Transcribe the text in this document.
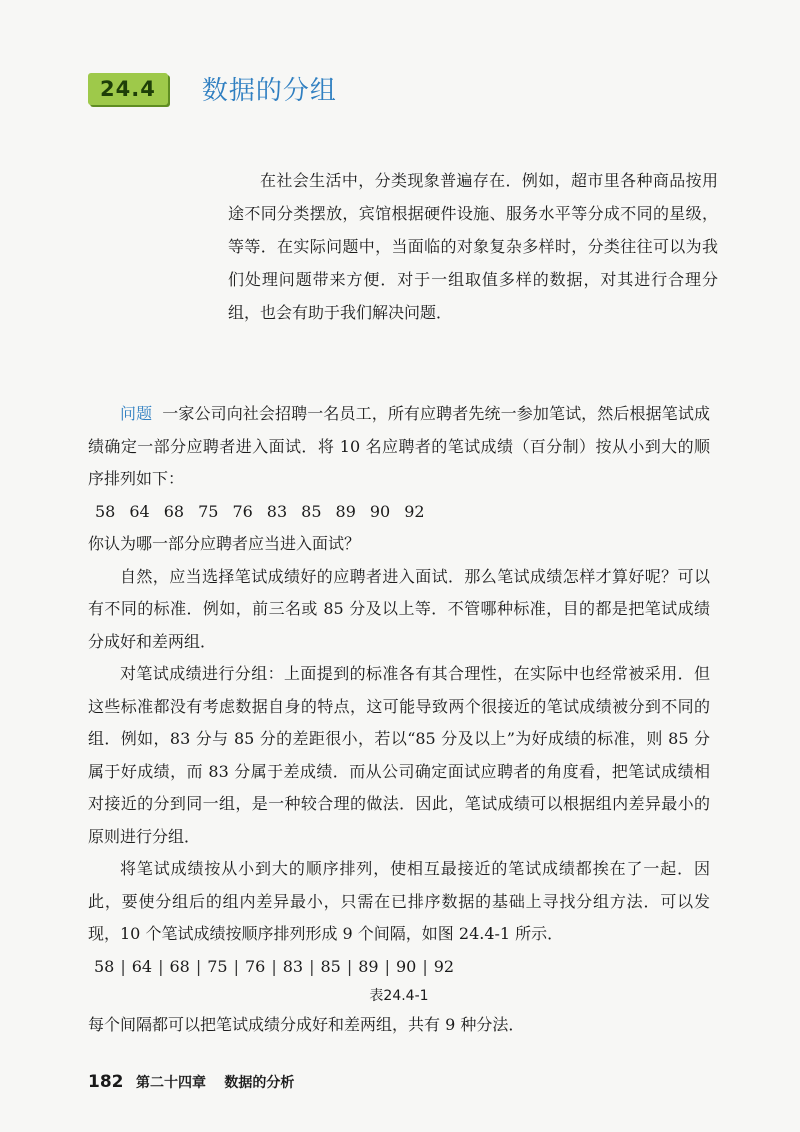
24.4	数据的分组

在社会生活中，分类现象普遍存在．例如，超市里各种商品按用途不同分类摆放，宾馆根据硬件设施、服务水平等分成不同的星级，等等．在实际问题中，当面临的对象复杂多样时，分类往往可以为我们处理问题带来方便．对于一组取值多样的数据，对其进行合理分组，也会有助于我们解决问题．

问题 一家公司向社会招聘一名员工，所有应聘者先统一参加笔试，然后根据笔试成绩确定一部分应聘者进入面试．将 10 名应聘者的笔试成绩（百分制）按从小到大的顺序排列如下：

58 64 68 75 76 83 85 89 90 92

你认为哪一部分应聘者应当进入面试？

自然，应当选择笔试成绩好的应聘者进入面试．那么笔试成绩怎样才算好呢？可以有不同的标准．例如，前三名或 85 分及以上等．不管哪种标准，目的都是把笔试成绩分成好和差两组．

对笔试成绩进行分组：上面提到的标准各有其合理性，在实际中也经常被采用．但这些标准都没有考虑数据自身的特点，这可能导致两个很接近的笔试成绩被分到不同的组．例如，83 分与 85 分的差距很小，若以“85 分及以上”为好成绩的标准，则 85 分属于好成绩，而 83 分属于差成绩．而从公司确定面试应聘者的角度看，把笔试成绩相对接近的分到同一组，是一种较合理的做法．因此，笔试成绩可以根据组内差异最小的原则进行分组．

将笔试成绩按从小到大的顺序排列，使相互最接近的笔试成绩都挨在了一起．因此，要使分组后的组内差异最小，只需在已排序数据的基础上寻找分组方法．可以发现，10 个笔试成绩按顺序排列形成 9 个间隔，如图 24.4-1 所示．

58 | 64 | 68 | 75 | 76 | 83 | 85 | 89 | 90 | 92

表24.4-1

每个间隔都可以把笔试成绩分成好和差两组，共有 9 种分法．

182 第二十四章 数据的分析
